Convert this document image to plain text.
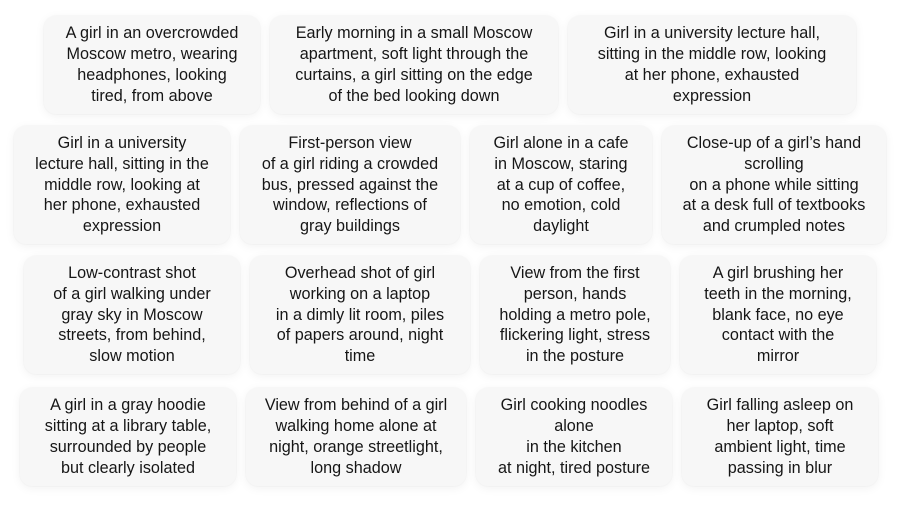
A girl in an overcrowded
Moscow metro, wearing
headphones, looking
tired, from above
Early morning in a small Moscow
apartment, soft light through the
curtains, a girl sitting on the edge
of the bed looking down
Girl in a university lecture hall,
sitting in the middle row, looking
at her phone, exhausted
expression
Girl in a university
lecture hall, sitting in the
middle row, looking at
her phone, exhausted
expression
First-person view
of a girl riding a crowded
bus, pressed against the
window, reflections of
gray buildings
Girl alone in a cafe
in Moscow, staring
at a cup of coffee,
no emotion, cold
daylight
Close-up of a girl’s hand
scrolling
on a phone while sitting
at a desk full of textbooks
and crumpled notes
Low-contrast shot
of a girl walking under
gray sky in Moscow
streets, from behind,
slow motion
Overhead shot of girl
working on a laptop
in a dimly lit room, piles
of papers around, night
time
View from the first
person, hands
holding a metro pole,
flickering light, stress
in the posture
A girl brushing her
teeth in the morning,
blank face, no eye
contact with the
mirror
A girl in a gray hoodie
sitting at a library table,
surrounded by people
but clearly isolated
View from behind of a girl
walking home alone at
night, orange streetlight,
long shadow
Girl cooking noodles
alone
in the kitchen
at night, tired posture
Girl falling asleep on
her laptop, soft
ambient light, time
passing in blur
